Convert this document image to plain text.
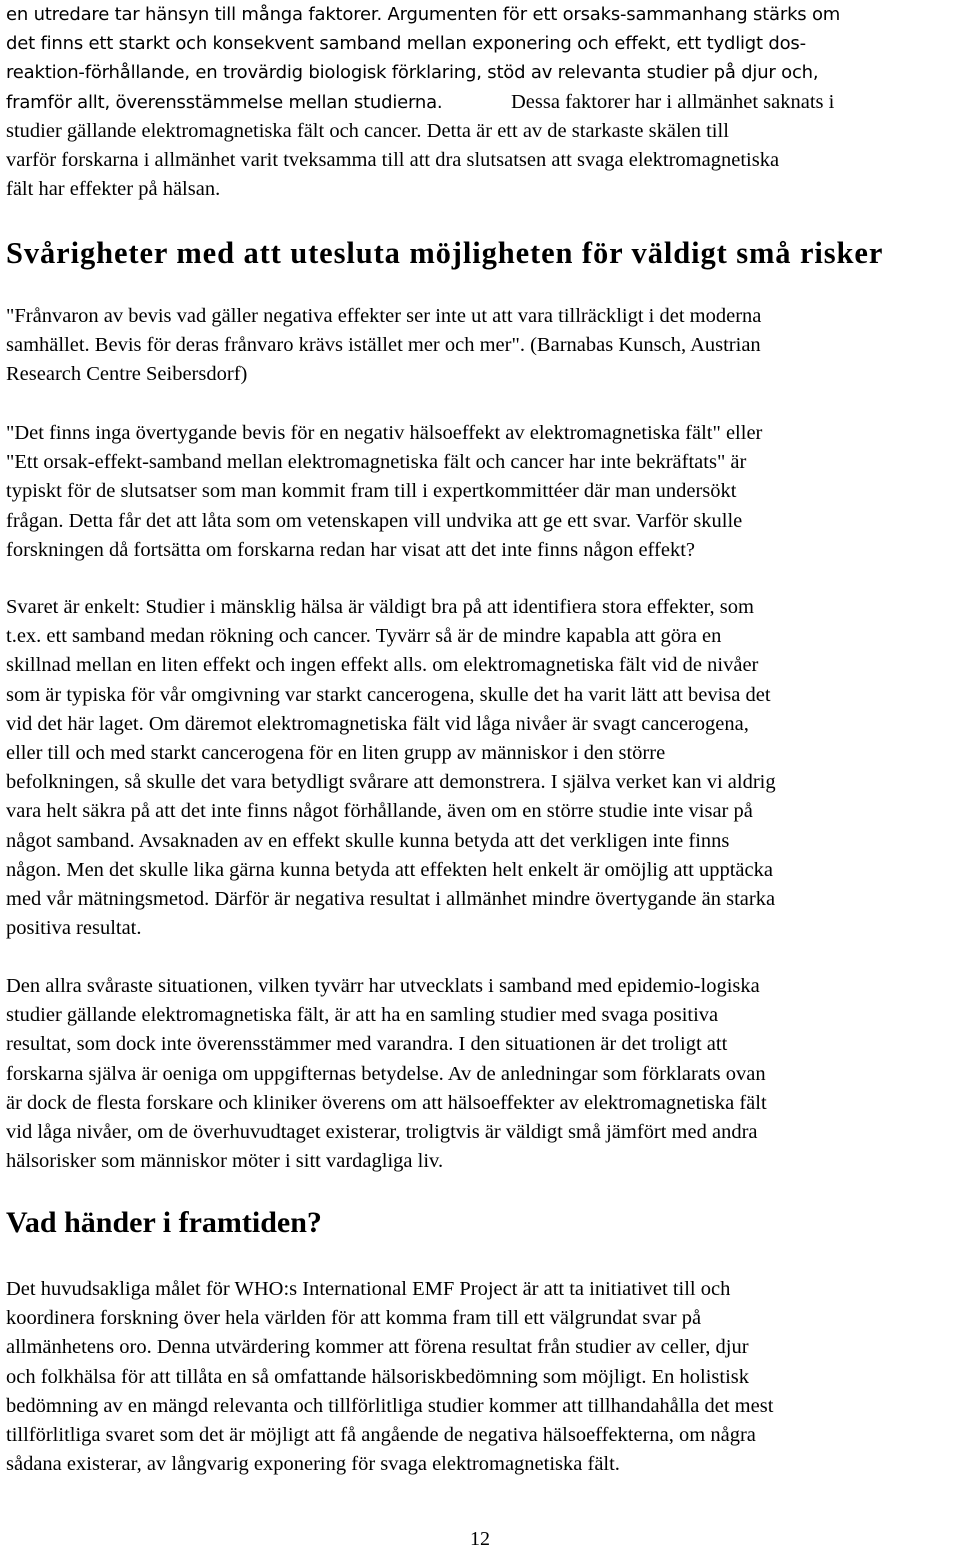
en utredare tar hänsyn till många faktorer. Argumenten för ett orsaks-sammanhang stärks om
det finns ett starkt och konsekvent samband mellan exponering och effekt, ett tydligt dos-
reaktion-förhållande, en trovärdig biologisk förklaring, stöd av relevanta studier på djur och,
framför allt, överensstämmelse mellan studierna.	Dessa faktorer har i allmänhet saknats i
studier gällande elektromagnetiska fält och cancer. Detta är ett av de starkaste skälen till
varför forskarna i allmänhet varit tveksamma till att dra slutsatsen att svaga elektromagnetiska
fält har effekter på hälsan.

Svårigheter med att utesluta möjligheten för väldigt små risker

"Frånvaron av bevis vad gäller negativa effekter ser inte ut att vara tillräckligt i det moderna
samhället. Bevis för deras frånvaro krävs istället mer och mer". (Barnabas Kunsch, Austrian
Research Centre Seibersdorf)

"Det finns inga övertygande bevis för en negativ hälsoeffekt av elektromagnetiska fält" eller
"Ett orsak-effekt-samband mellan elektromagnetiska fält och cancer har inte bekräftats" är
typiskt för de slutsatser som man kommit fram till i expertkommittéer där man undersökt
frågan. Detta får det att låta som om vetenskapen vill undvika att ge ett svar. Varför skulle
forskningen då fortsätta om forskarna redan har visat att det inte finns någon effekt?

Svaret är enkelt: Studier i mänsklig hälsa är väldigt bra på att identifiera stora effekter, som
t.ex. ett samband medan rökning och cancer. Tyvärr så är de mindre kapabla att göra en
skillnad mellan en liten effekt och ingen effekt alls. om elektromagnetiska fält vid de nivåer
som är typiska för vår omgivning var starkt cancerogena, skulle det ha varit lätt att bevisa det
vid det här laget. Om däremot elektromagnetiska fält vid låga nivåer är svagt cancerogena,
eller till och med starkt cancerogena för en liten grupp av människor i den större
befolkningen, så skulle det vara betydligt svårare att demonstrera. I själva verket kan vi aldrig
vara helt säkra på att det inte finns något förhållande, även om en större studie inte visar på
något samband. Avsaknaden av en effekt skulle kunna betyda att det verkligen inte finns
någon. Men det skulle lika gärna kunna betyda att effekten helt enkelt är omöjlig att upptäcka
med vår mätningsmetod. Därför är negativa resultat i allmänhet mindre övertygande än starka
positiva resultat.

Den allra svåraste situationen, vilken tyvärr har utvecklats i samband med epidemio-logiska
studier gällande elektromagnetiska fält, är att ha en samling studier med svaga positiva
resultat, som dock inte överensstämmer med varandra. I den situationen är det troligt att
forskarna själva är oeniga om uppgifternas betydelse. Av de anledningar som förklarats ovan
är dock de flesta forskare och kliniker överens om att hälsoeffekter av elektromagnetiska fält
vid låga nivåer, om de överhuvudtaget existerar, troligtvis är väldigt små jämfört med andra
hälsorisker som människor möter i sitt vardagliga liv.

Vad händer i framtiden?

Det huvudsakliga målet för WHO:s International EMF Project är att ta initiativet till och
koordinera forskning över hela världen för att komma fram till ett välgrundat svar på
allmänhetens oro. Denna utvärdering kommer att förena resultat från studier av celler, djur
och folkhälsa för att tillåta en så omfattande hälsoriskbedömning som möjligt. En holistisk
bedömning av en mängd relevanta och tillförlitliga studier kommer att tillhandahålla det mest
tillförlitliga svaret som det är möjligt att få angående de negativa hälsoeffekterna, om några
sådana existerar, av långvarig exponering för svaga elektromagnetiska fält.

12
